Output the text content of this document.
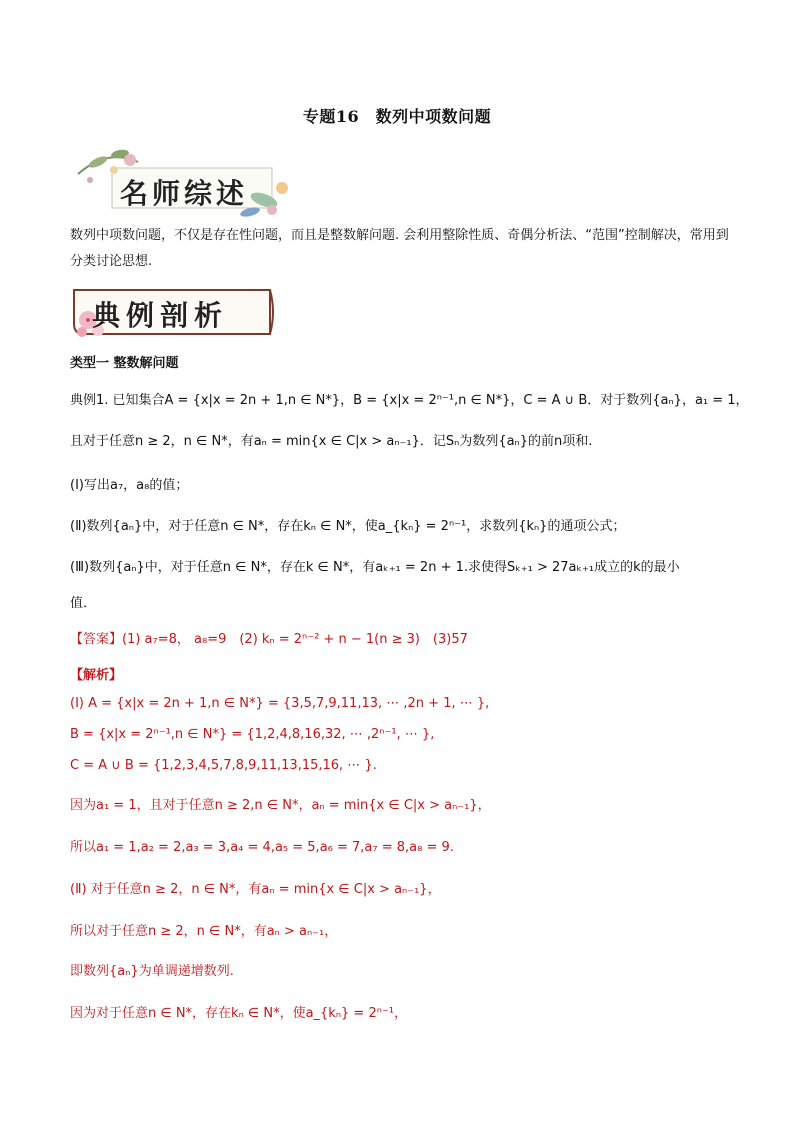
专题16　数列中项数问题
名师综述
数列中项数问题，不仅是存在性问题，而且是整数解问题. 会利用整除性质、奇偶分析法、“范围”控制解决，常用到分类讨论思想.
典例剖析
类型一 整数解问题
典例1. 已知集合A = {x|x = 2n + 1,n ∈ N*}，B = {x|x = 2ⁿ⁻¹,n ∈ N*}，C = A ∪ B．对于数列{aₙ}，a₁ = 1，
且对于任意n ≥ 2，n ∈ N*，有aₙ = min{x ∈ C|x > aₙ₋₁}．记Sₙ为数列{aₙ}的前n项和.
(Ⅰ)写出a₇，a₈的值；
(Ⅱ)数列{aₙ}中，对于任意n ∈ N*，存在kₙ ∈ N*，使a_{kₙ} = 2ⁿ⁻¹，求数列{kₙ}的通项公式；
(Ⅲ)数列{aₙ}中，对于任意n ∈ N*，存在k ∈ N*，有aₖ₊₁ = 2n + 1.求使得Sₖ₊₁ > 27aₖ₊₁成立的k的最小
值．
【答案】(1) a₇=8， a₈=9　(2) kₙ = 2ⁿ⁻² + n − 1(n ≥ 3)　(3)57
【解析】
(Ⅰ) A = {x|x = 2n + 1,n ∈ N*} = {3,5,7,9,11,13, ⋯ ,2n + 1, ⋯ },
B = {x|x = 2ⁿ⁻¹,n ∈ N*} = {1,2,4,8,16,32, ⋯ ,2ⁿ⁻¹, ⋯ },
C = A ∪ B = {1,2,3,4,5,7,8,9,11,13,15,16, ⋯ }.
因为a₁ = 1，且对于任意n ≥ 2,n ∈ N*，aₙ = min{x ∈ C|x > aₙ₋₁}，
所以a₁ = 1,a₂ = 2,a₃ = 3,a₄ = 4,a₅ = 5,a₆ = 7,a₇ = 8,a₈ = 9.
(Ⅱ) 对于任意n ≥ 2，n ∈ N*，有aₙ = min{x ∈ C|x > aₙ₋₁}，
所以对于任意n ≥ 2，n ∈ N*，有aₙ > aₙ₋₁，
即数列{aₙ}为单调递增数列.
因为对于任意n ∈ N*，存在kₙ ∈ N*，使a_{kₙ} = 2ⁿ⁻¹，
